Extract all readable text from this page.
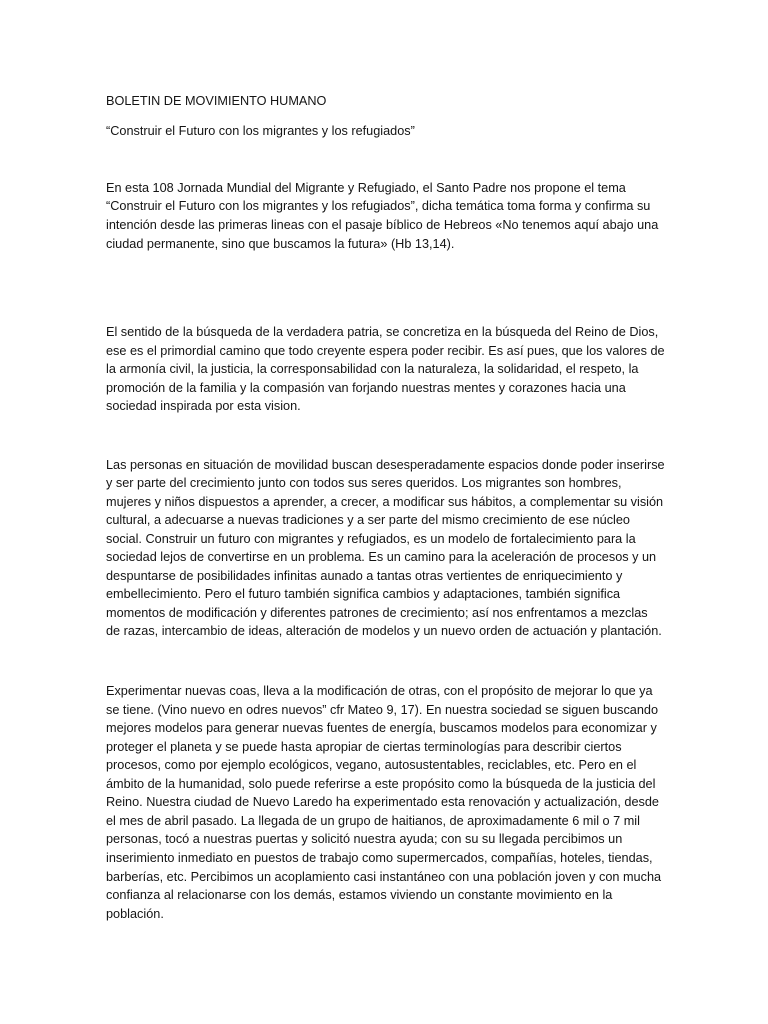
BOLETIN DE MOVIMIENTO HUMANO

“Construir el Futuro con los migrantes y los refugiados”

En esta 108 Jornada Mundial del Migrante y Refugiado, el Santo Padre nos propone el tema

“Construir el Futuro con los migrantes y los refugiados”, dicha temática toma forma y confirma su

intención desde las primeras lineas con el pasaje bíblico de Hebreos «No tenemos aquí abajo una

ciudad permanente, sino que buscamos la futura» (Hb 13,14).

El sentido de la búsqueda de la verdadera patria, se concretiza en la búsqueda del Reino de Dios,

ese es el primordial camino que todo creyente espera poder recibir. Es así pues, que los valores de

la armonía civil, la justicia, la corresponsabilidad con la naturaleza, la solidaridad, el respeto, la

promoción de la familia y la compasión van forjando nuestras mentes y corazones hacia una

sociedad inspirada por esta vision.

Las personas en situación de movilidad buscan desesperadamente espacios donde poder inserirse

y ser parte del crecimiento junto con todos sus seres queridos. Los migrantes son hombres,

mujeres y niños dispuestos a aprender, a crecer, a modificar sus hábitos, a complementar su visión

cultural, a adecuarse a nuevas tradiciones y a ser parte del mismo crecimiento de ese núcleo

social. Construir un futuro con migrantes y refugiados, es un modelo de fortalecimiento para la

sociedad lejos de convertirse en un problema. Es un camino para la aceleración de procesos y un

despuntarse de posibilidades infinitas aunado a tantas otras vertientes de enriquecimiento y

embellecimiento. Pero el futuro también significa cambios y adaptaciones, también significa

momentos de modificación y diferentes patrones de crecimiento; así nos enfrentamos a mezclas

de razas, intercambio de ideas, alteración de modelos y un nuevo orden de actuación y plantación.

Experimentar nuevas coas, lleva a la modificación de otras, con el propósito de mejorar lo que ya

se tiene. (Vino nuevo en odres nuevos” cfr Mateo 9, 17). En nuestra sociedad se siguen buscando

mejores modelos para generar nuevas fuentes de energía, buscamos modelos para economizar y

proteger el planeta y se puede hasta apropiar de ciertas terminologías para describir ciertos

procesos, como por ejemplo ecológicos, vegano, autosustentables, reciclables, etc. Pero en el

ámbito de la humanidad, solo puede referirse a este propósito como la búsqueda de la justicia del

Reino. Nuestra ciudad de Nuevo Laredo ha experimentado esta renovación y actualización, desde

el mes de abril pasado. La llegada de un grupo de haitianos, de aproximadamente 6 mil o 7 mil

personas, tocó a nuestras puertas y solicitó nuestra ayuda; con su su llegada percibimos un

inserimiento inmediato en puestos de trabajo como supermercados, compañías, hoteles, tiendas,

barberías, etc. Percibimos un acoplamiento casi instantáneo con una población joven y con mucha

confianza al relacionarse con los demás, estamos viviendo un constante movimiento en la

población.
